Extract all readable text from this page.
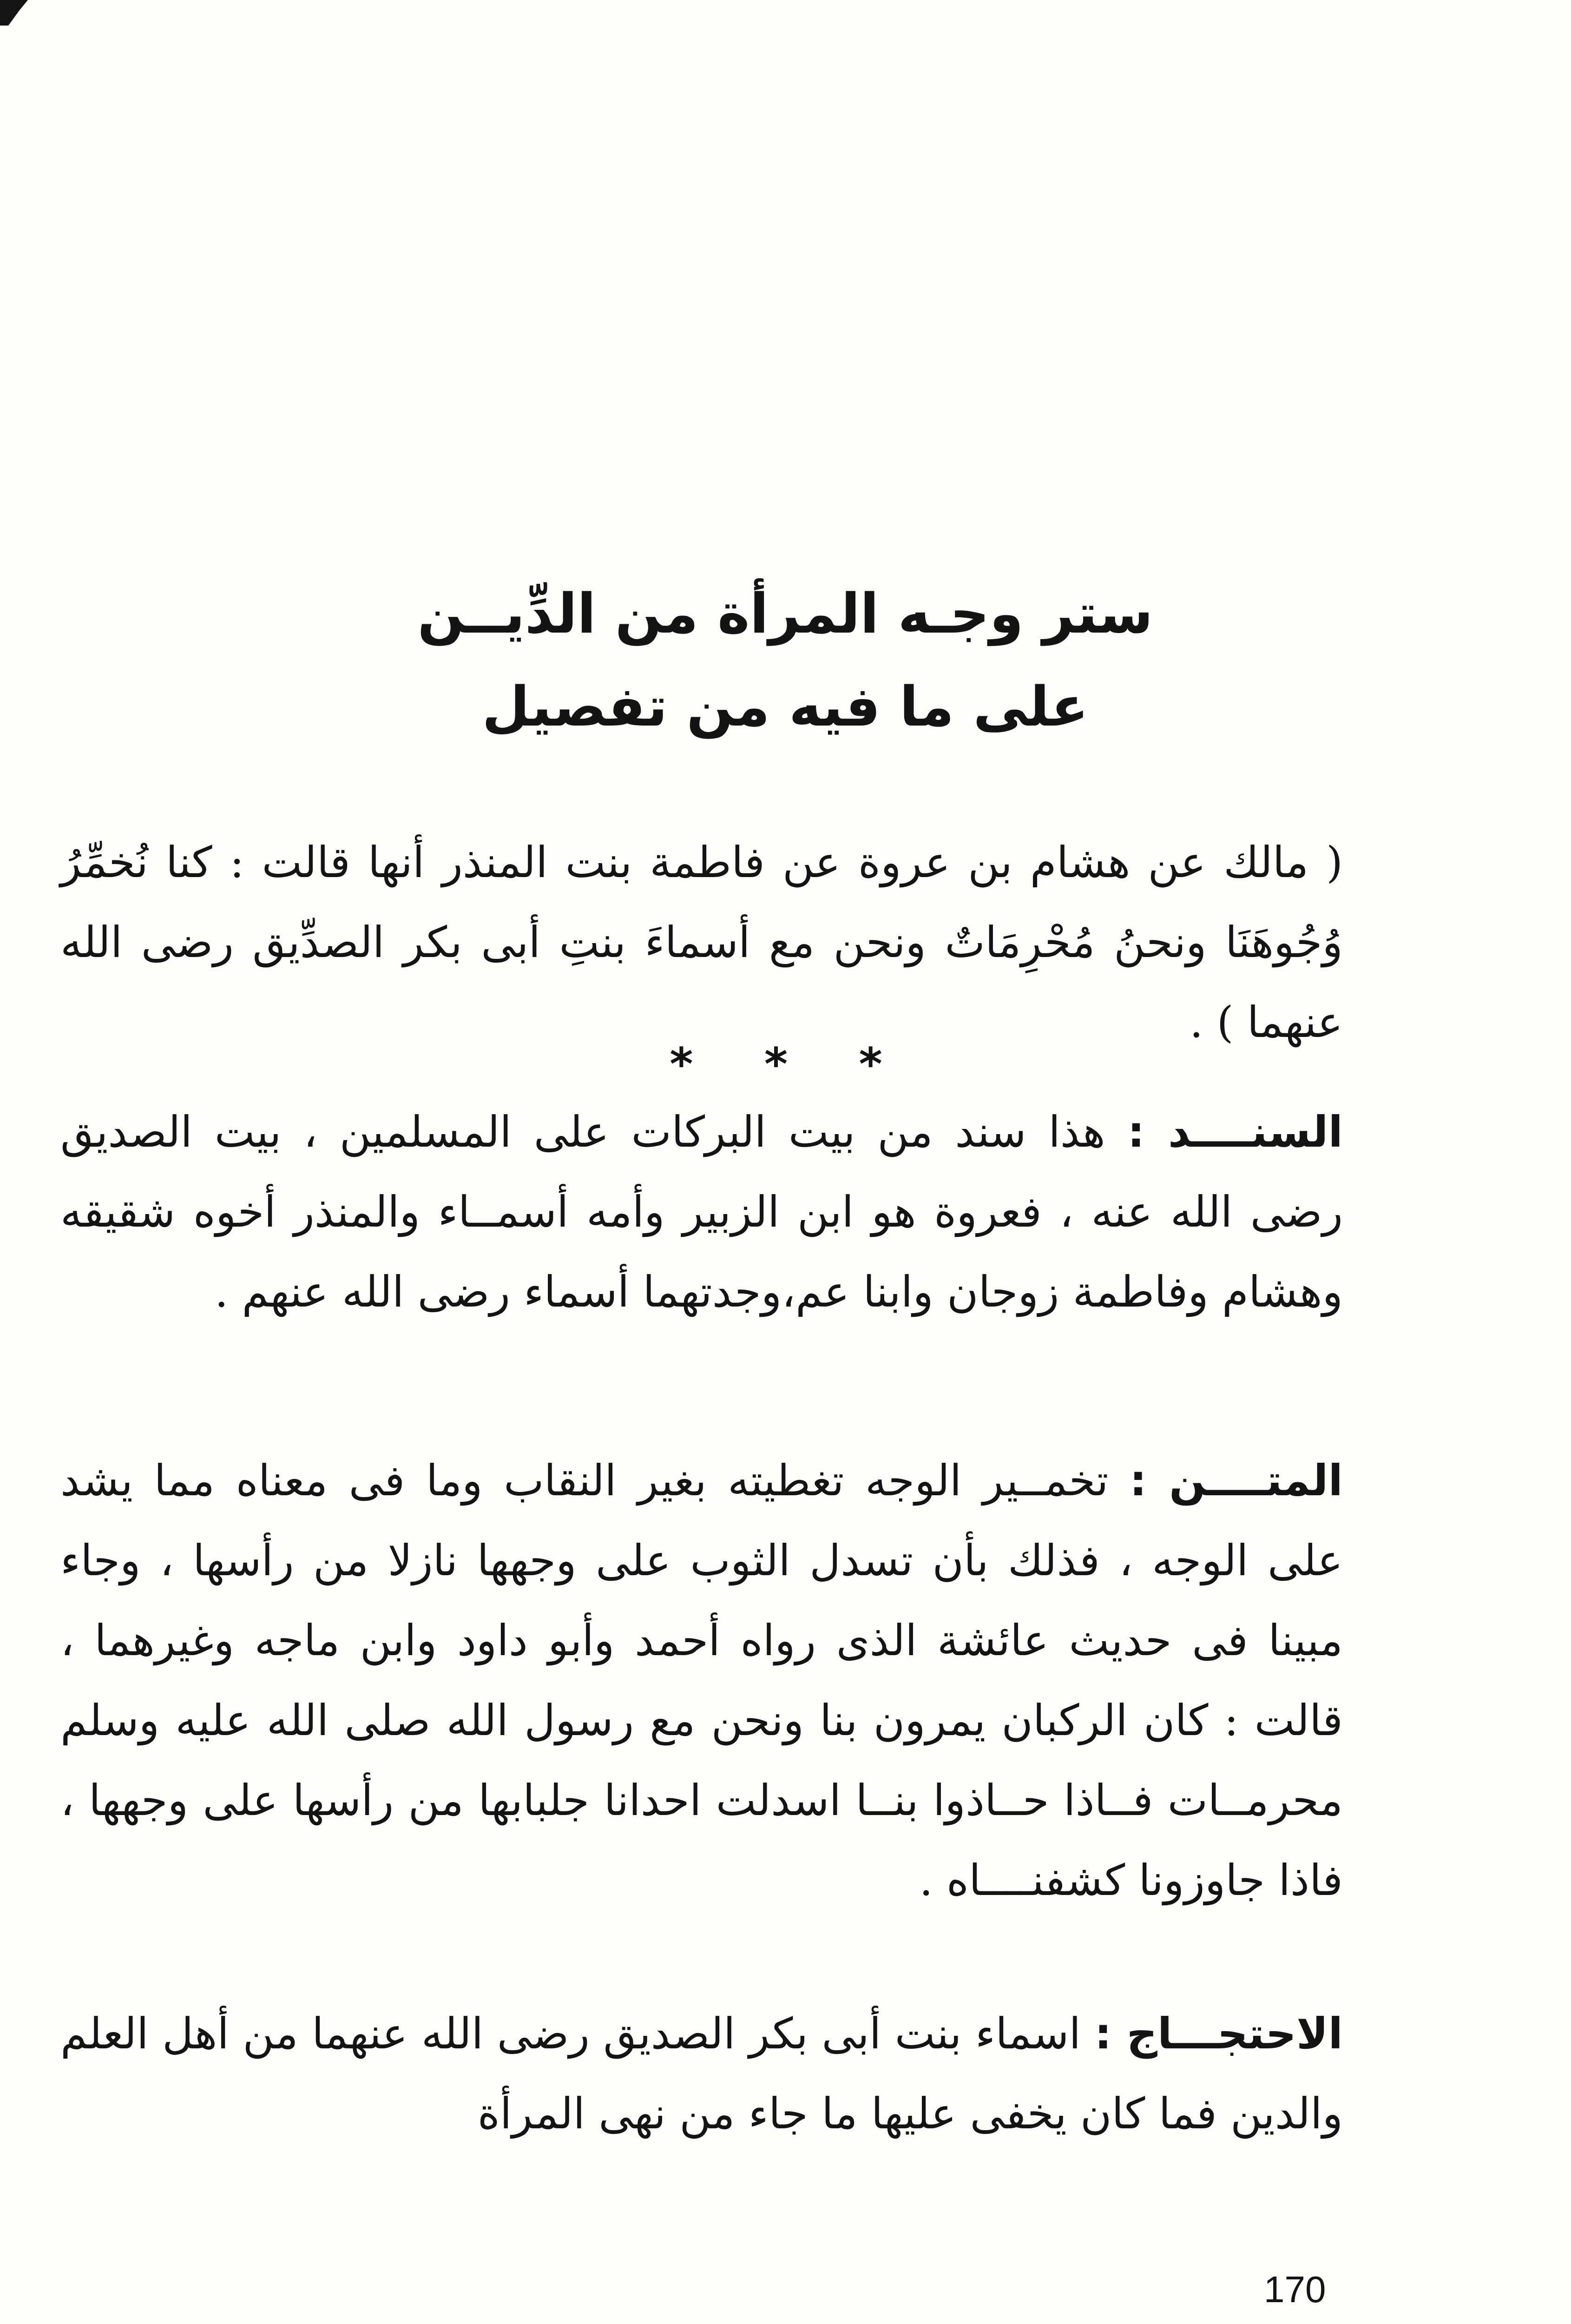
ستر وجـه المرأة من الدِّيــن
على ما فيه من تفصيل

( مالك عن هشام بن عروة عن فاطمة بنت المنذر أنها قالت : كنا نُخمِّرُ وُجُوهَنَا ونحنُ مُحْرِمَاتٌ ونحن مع أسماءَ بنتِ أبى بكر الصدِّيق رضى الله عنهما ) .

* * *

السنــــد : هذا سند من بيت البركات على المسلمين ، بيت الصديق رضى الله عنه ، فعروة هو ابن الزبير وأمه أسمــاء والمنذر أخوه شقيقه وهشام وفاطمة زوجان وابنا عم،وجدتهما أسماء رضى الله عنهم .

المتــــن : تخمــير الوجه تغطيته بغير النقاب وما فى معناه مما يشد على الوجه ، فذلك بأن تسدل الثوب على وجهها نازلا من رأسها ، وجاء مبينا فى حديث عائشة الذى رواه أحمد وأبو داود وابن ماجه وغيرهما ، قالت : كان الركبان يمرون بنا ونحن مع رسول الله صلى الله عليه وسلم محرمــات فــاذا حــاذوا بنــا اسدلت احدانا جلبابها من رأسها على وجهها ، فاذا جاوزونا كشفنــــاه .

الاحتجـــاج : اسماء بنت أبى بكر الصديق رضى الله عنهما من أهل العلم والدين فما كان يخفى عليها ما جاء من نهى المرأة

170
